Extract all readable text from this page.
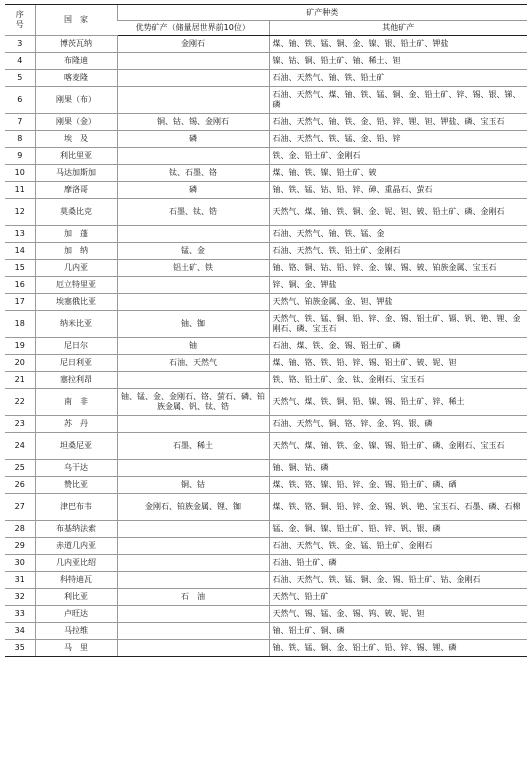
序　号	国　家	矿产种类	
		优势矿产（储量居世界前10位）	其他矿产
3	博茨瓦纳	金刚石	煤、铀、铁、锰、铜、金、镍、银、铅土矿、钾盐
4	布隆迪		镍、钴、铜、铅土矿、铀、稀土、钽
5	喀麦隆		石油、天然气、铀、铁、铅土矿
6	刚果（布）		石油、天然气、煤、铀、铁、锰、铜、金、铅土矿、锌、锡、银、锑、磷
7	刚果（金）	铜、钴、锡、金刚石	石油、天然气、铀、铁、金、铅、锌、锂、钽、钾盐、磷、宝玉石
8	埃　及	磷	石油、天然气、铁、锰、金、铅、锌
9	利比里亚		铁、金、铅土矿、金刚石
10	马达加斯加	钛、石墨、铬	煤、铀、铁、镍、铅土矿、铍
11	摩洛哥	磷	铀、铁、锰、钴、铅、锌、砷、重晶石、萤石
12	莫桑比克	石墨、钛、锆	天然气、煤、铀、铁、铜、金、铌、钽、铍、铅土矿、磷、金刚石
13	加　蓬		石油、天然气、铀、铁、锰、金
14	加　纳	锰、金	石油、天然气、铁、铅土矿、金刚石
15	几内亚	铝土矿、铁	铀、铬、铜、钴、铅、锌、金、镍、锡、铍、铂族金属、宝玉石
16	厄立特里亚		锌、铜、金、钾盐
17	埃塞俄比亚		天然气、铂族金属、金、钽、钾盐
18	纳米比亚	铀、铷	天然气、铁、锰、铜、铅、锌、金、锡、铝土矿、镉、钒、铯、锂、金刚石、磷、宝玉石
19	尼日尔	铀	石油、煤、铁、金、锡、铝土矿、磷
20	尼日利亚	石油、天然气	煤、铀、铬、铁、铅、锌、锡、铝土矿、铍、铌、钽
21	塞拉利昂		铁、铬、铅土矿、金、钛、金刚石、宝玉石
22	南　非	铀、锰、金、金刚石、铬、萤石、磷、铂族金属、钒、钛、锆	天然气、煤、铁、铜、铅、镍、锡、铅土矿、锌、稀土
23	苏　丹		石油、天然气、铜、铬、锌、金、钨、银、磷
24	坦桑尼亚	石墨、稀土	天然气、煤、铀、铁、金、镍、锡、铅土矿、磷、金刚石、宝玉石
25	乌干达		铀、铜、钴、磷
26	赞比亚	铜、钴	煤、铁、铬、镍、铅、锌、金、锡、铅土矿、磷、硒
27	津巴布韦	金刚石、铂族金属、锂、铷	煤、铁、铬、铜、铅、锌、金、锡、钒、铯、宝玉石、石墨、磷、石棉
28	布基纳法索		锰、金、铜、镍、铅土矿、铅、锌、钒、银、磷
29	赤道几内亚		石油、天然气、铁、金、锰、铅土矿、金刚石
30	几内亚比绍		石油、铅土矿、磷
31	科特迪瓦		石油、天然气、铁、锰、铜、金、锡、铅土矿、钴、金刚石
32	利比亚	石　油	天然气、铅土矿
33	卢旺达		天然气、锡、锰、金、锡、钨、铍、铌、钽
34	马拉维		铀、铝土矿、铜、磷
35	马　里		铀、铁、锰、铜、金、铝土矿、铅、锌、锡、锂、磷
